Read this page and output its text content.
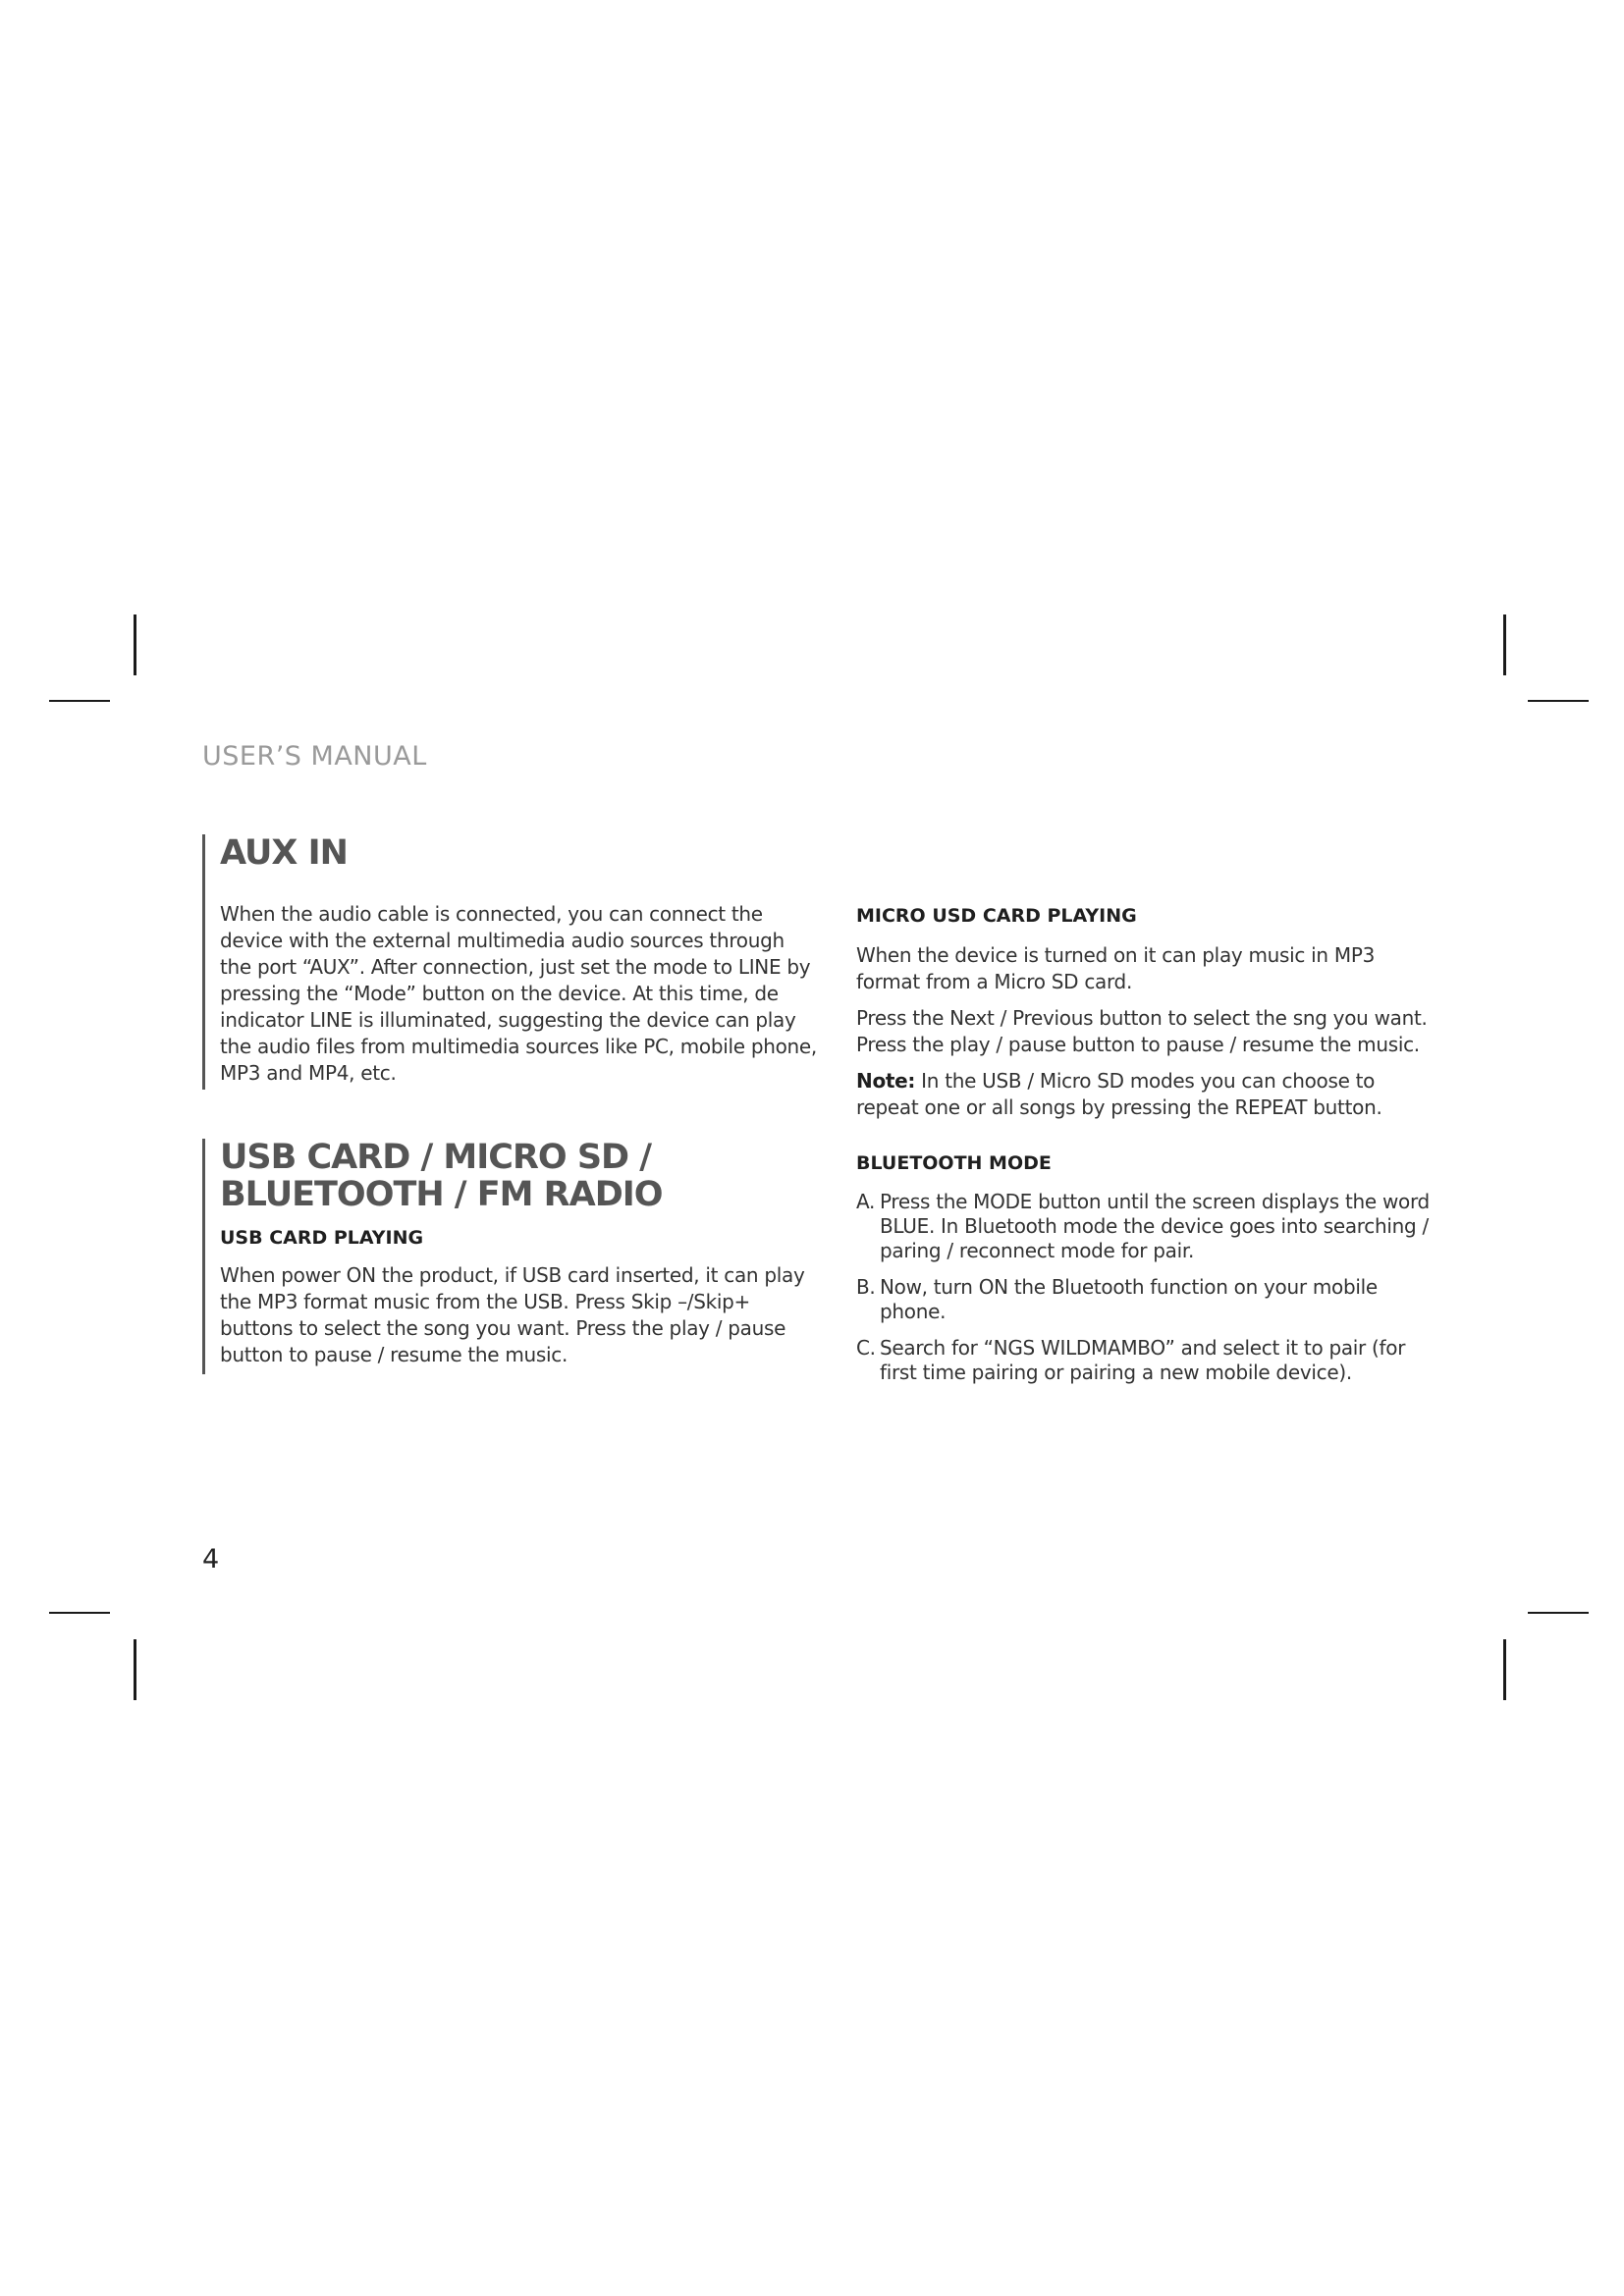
USER’S MANUAL
AUX IN

When the audio cable is connected, you can connect the device with the external multimedia audio sources through the port “AUX”. After connection, just set the mode to LINE by pressing the “Mode” button on the device. At this time, de indicator LINE is illuminated, suggesting the device can play the audio files from multimedia sources like PC, mobile phone, MP3 and MP4, etc.

USB CARD / MICRO SD /
BLUETOOTH / FM RADIO
USB CARD PLAYING

When power ON the product, if USB card inserted, it can play the MP3 format music from the USB. Press Skip –/Skip+ buttons to select the song you want. Press the play / pause button to pause / resume the music.

MICRO USD CARD PLAYING

When the device is turned on it can play music in MP3 format from a Micro SD card.

Press the Next / Previous button to select the sng you want. Press the play / pause button to pause / resume the music.

Note: In the USB / Micro SD modes you can choose to repeat one or all songs by pressing the REPEAT button.

BLUETOOTH MODE
A. Press the MODE button until the screen displays the word BLUE. In Bluetooth mode the device goes into searching / paring / reconnect mode for pair.
B. Now, turn ON the Bluetooth function on your mobile phone.
C. Search for “NGS WILDMAMBO” and select it to pair (for first time pairing or pairing a new mobile device).
4
